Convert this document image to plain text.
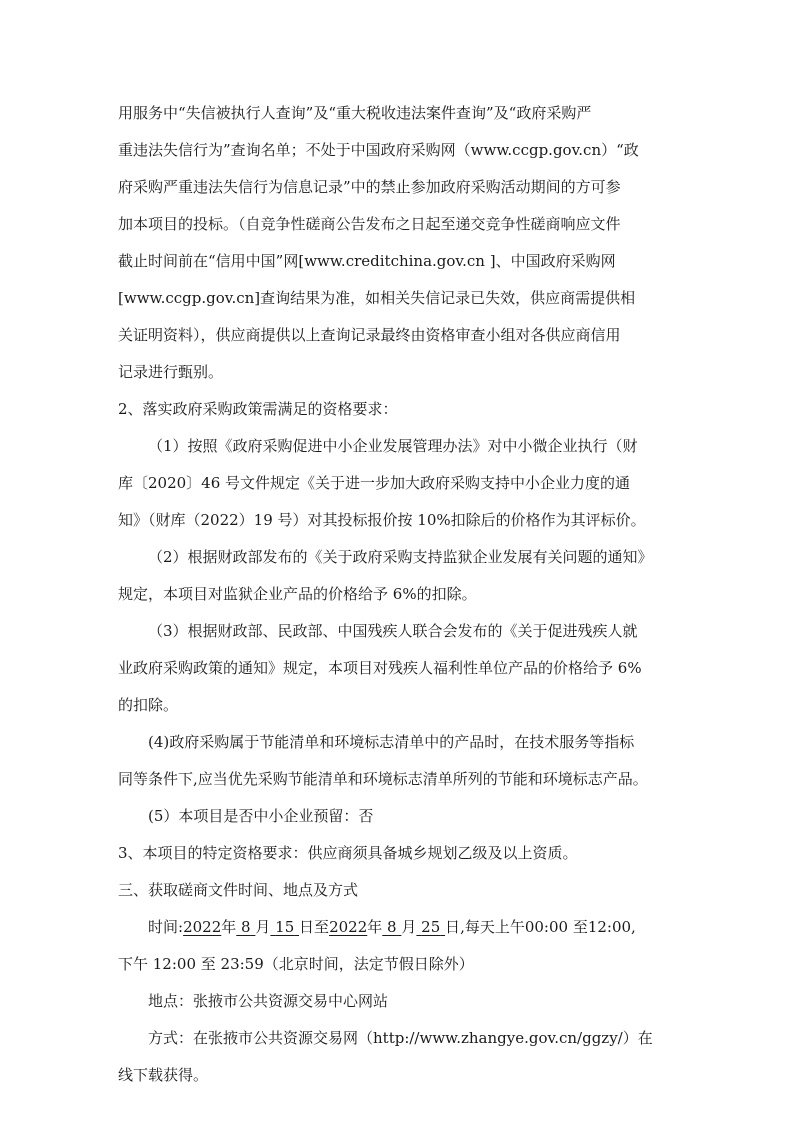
用服务中“失信被执行人查询”及“重大税收违法案件查询”及“政府采购严
重违法失信行为”查询名单；不处于中国政府采购网（www.ccgp.gov.cn）“政
府采购严重违法失信行为信息记录”中的禁止参加政府采购活动期间的方可参
加本项目的投标。（自竞争性磋商公告发布之日起至递交竞争性磋商响应文件
截止时间前在“信用中国”网[www.creditchina.gov.cn ]、中国政府采购网
[www.ccgp.gov.cn]查询结果为准，如相关失信记录已失效，供应商需提供相
关证明资料），供应商提供以上查询记录最终由资格审查小组对各供应商信用
记录进行甄别。
2、落实政府采购政策需满足的资格要求：
（1）按照《政府采购促进中小企业发展管理办法》对中小微企业执行（财
库〔2020〕46 号文件规定《关于进一步加大政府采购支持中小企业力度的通
知》（财库（2022）19 号）对其投标报价按 10%扣除后的价格作为其评标价。
（2）根据财政部发布的《关于政府采购支持监狱企业发展有关问题的通知》
规定，本项目对监狱企业产品的价格给予 6%的扣除。
（3）根据财政部、民政部、中国残疾人联合会发布的《关于促进残疾人就
业政府采购政策的通知》规定，本项目对残疾人福利性单位产品的价格给予 6%
的扣除。
(4)政府采购属于节能清单和环境标志清单中的产品时，在技术服务等指标
同等条件下,应当优先采购节能清单和环境标志清单所列的节能和环境标志产品。
(5）本项目是否中小企业预留：否
3、本项目的特定资格要求：供应商须具备城乡规划乙级及以上资质。
三、获取磋商文件时间、地点及方式
时间:2022年 8 月 15 日至2022年 8 月 25 日,每天上午00:00 至12:00,
下午 12:00 至 23:59（北京时间，法定节假日除外）
地点：张掖市公共资源交易中心网站
方式：在张掖市公共资源交易网（http://www.zhangye.gov.cn/ggzy/）在
线下载获得。
